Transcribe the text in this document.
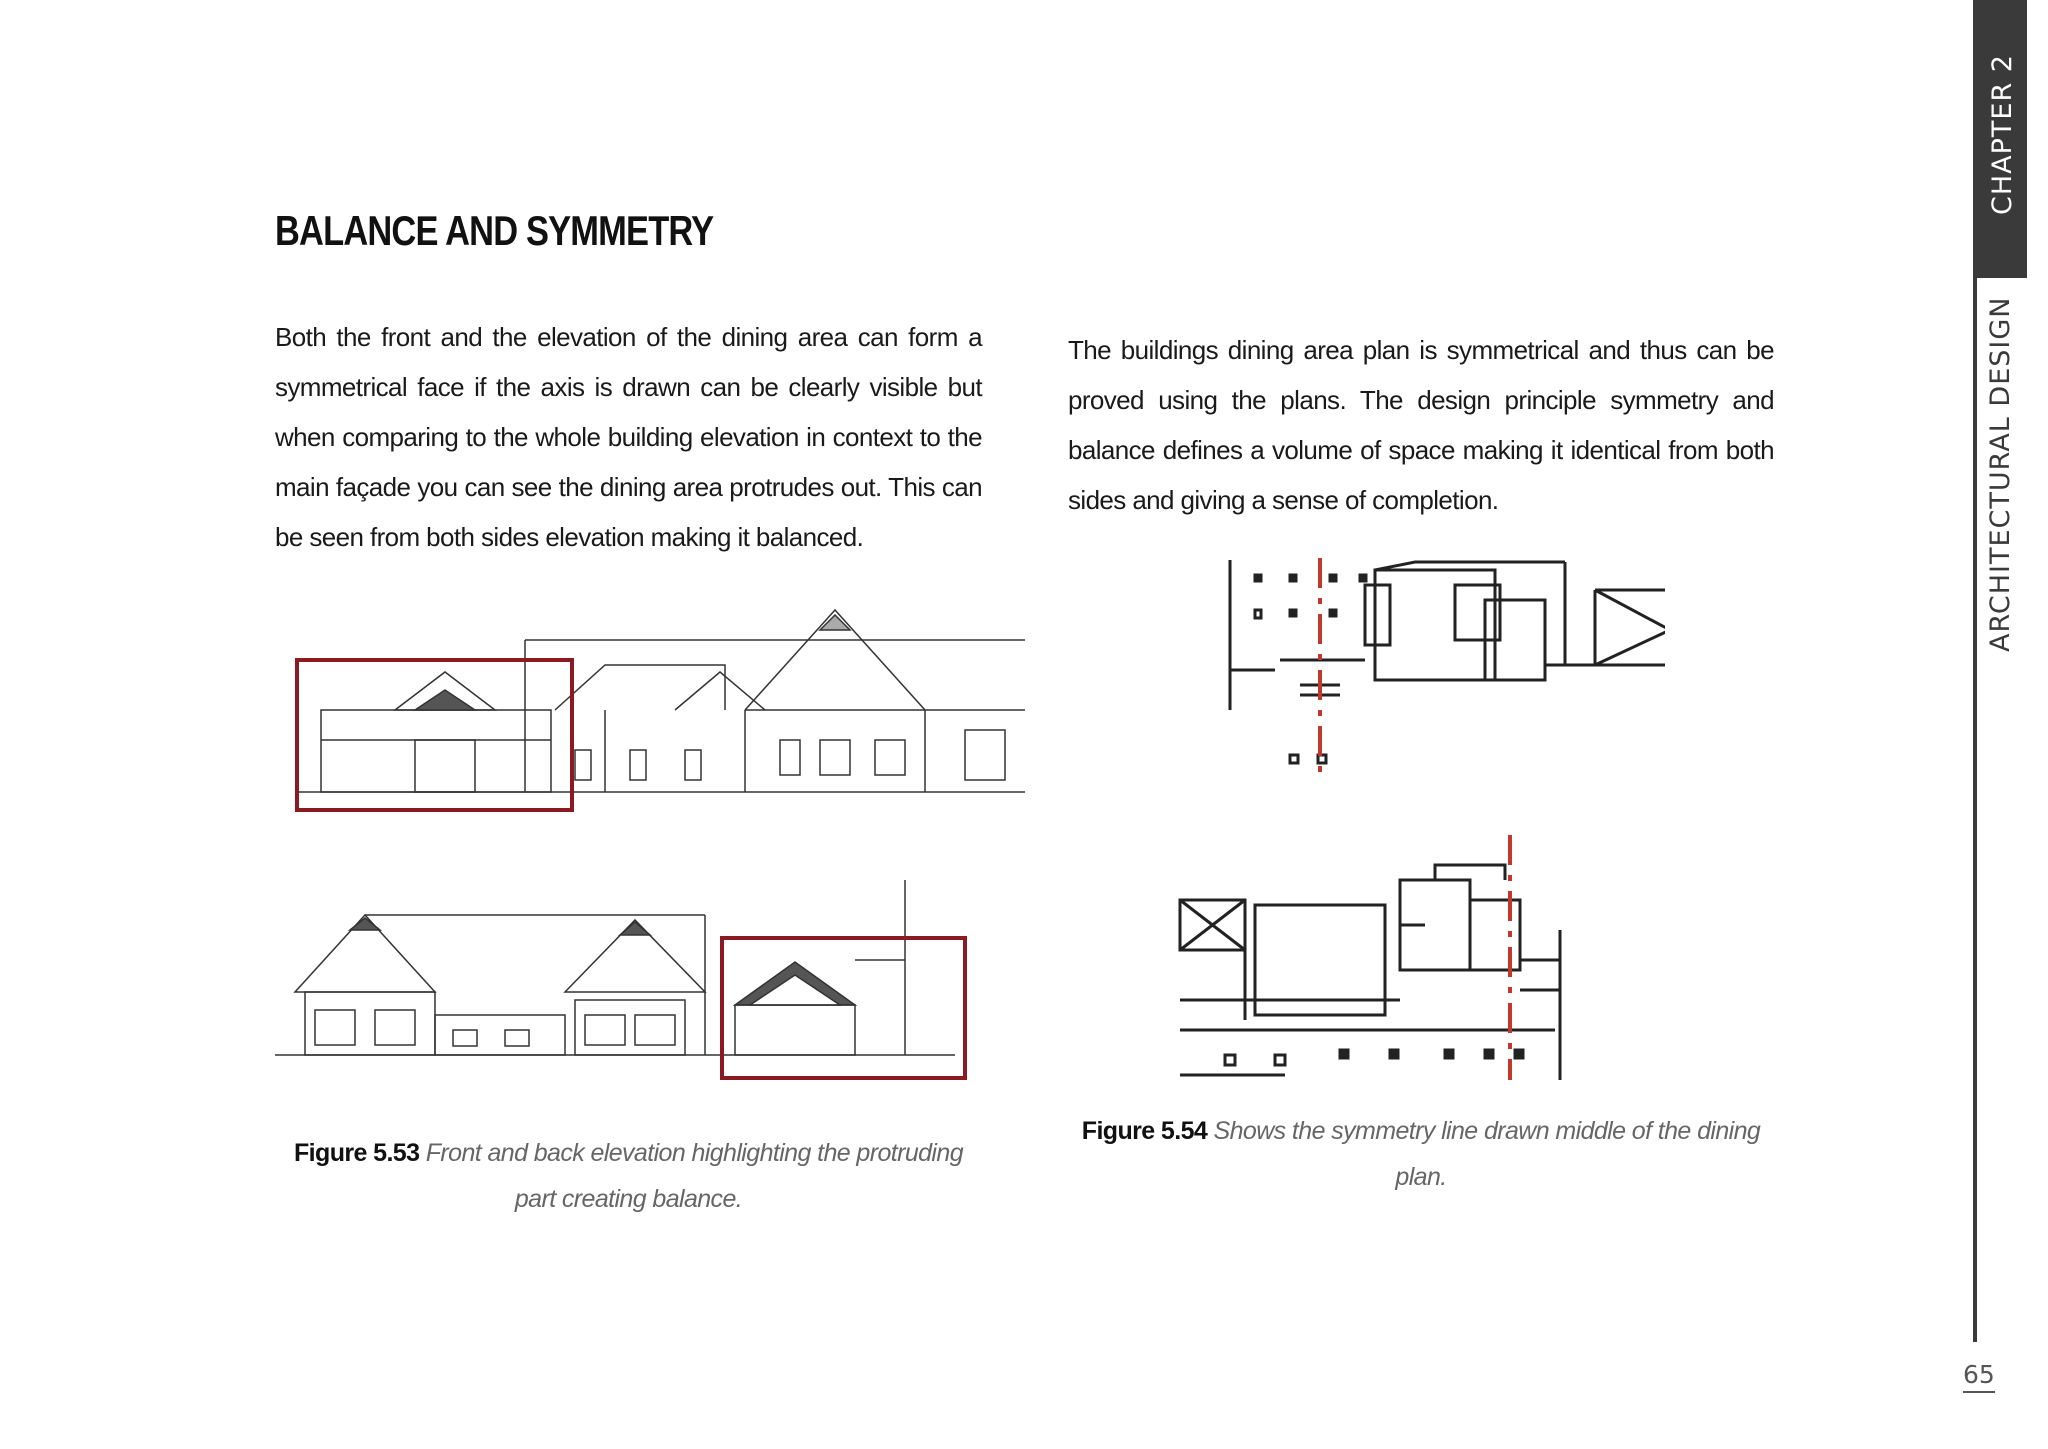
BALANCE AND SYMMETRY
Both the front and the elevation of the dining area can form a symmetrical face if the axis is drawn can be clearly visible but when comparing to the whole building elevation in context to the main façade you can see the dining area protrudes out. This can be seen from both sides elevation making it balanced.
The buildings dining area plan is symmetrical and thus can be proved using the plans. The design principle symmetry and balance defines a volume of space making it identical from both sides and giving a sense of completion.
Figure 5.53 Front and back elevation highlighting the protruding part creating balance.
Figure 5.54 Shows the symmetry line drawn middle of the dining plan.
CHAPTER 2
ARCHITECTURAL DESIGN
65
